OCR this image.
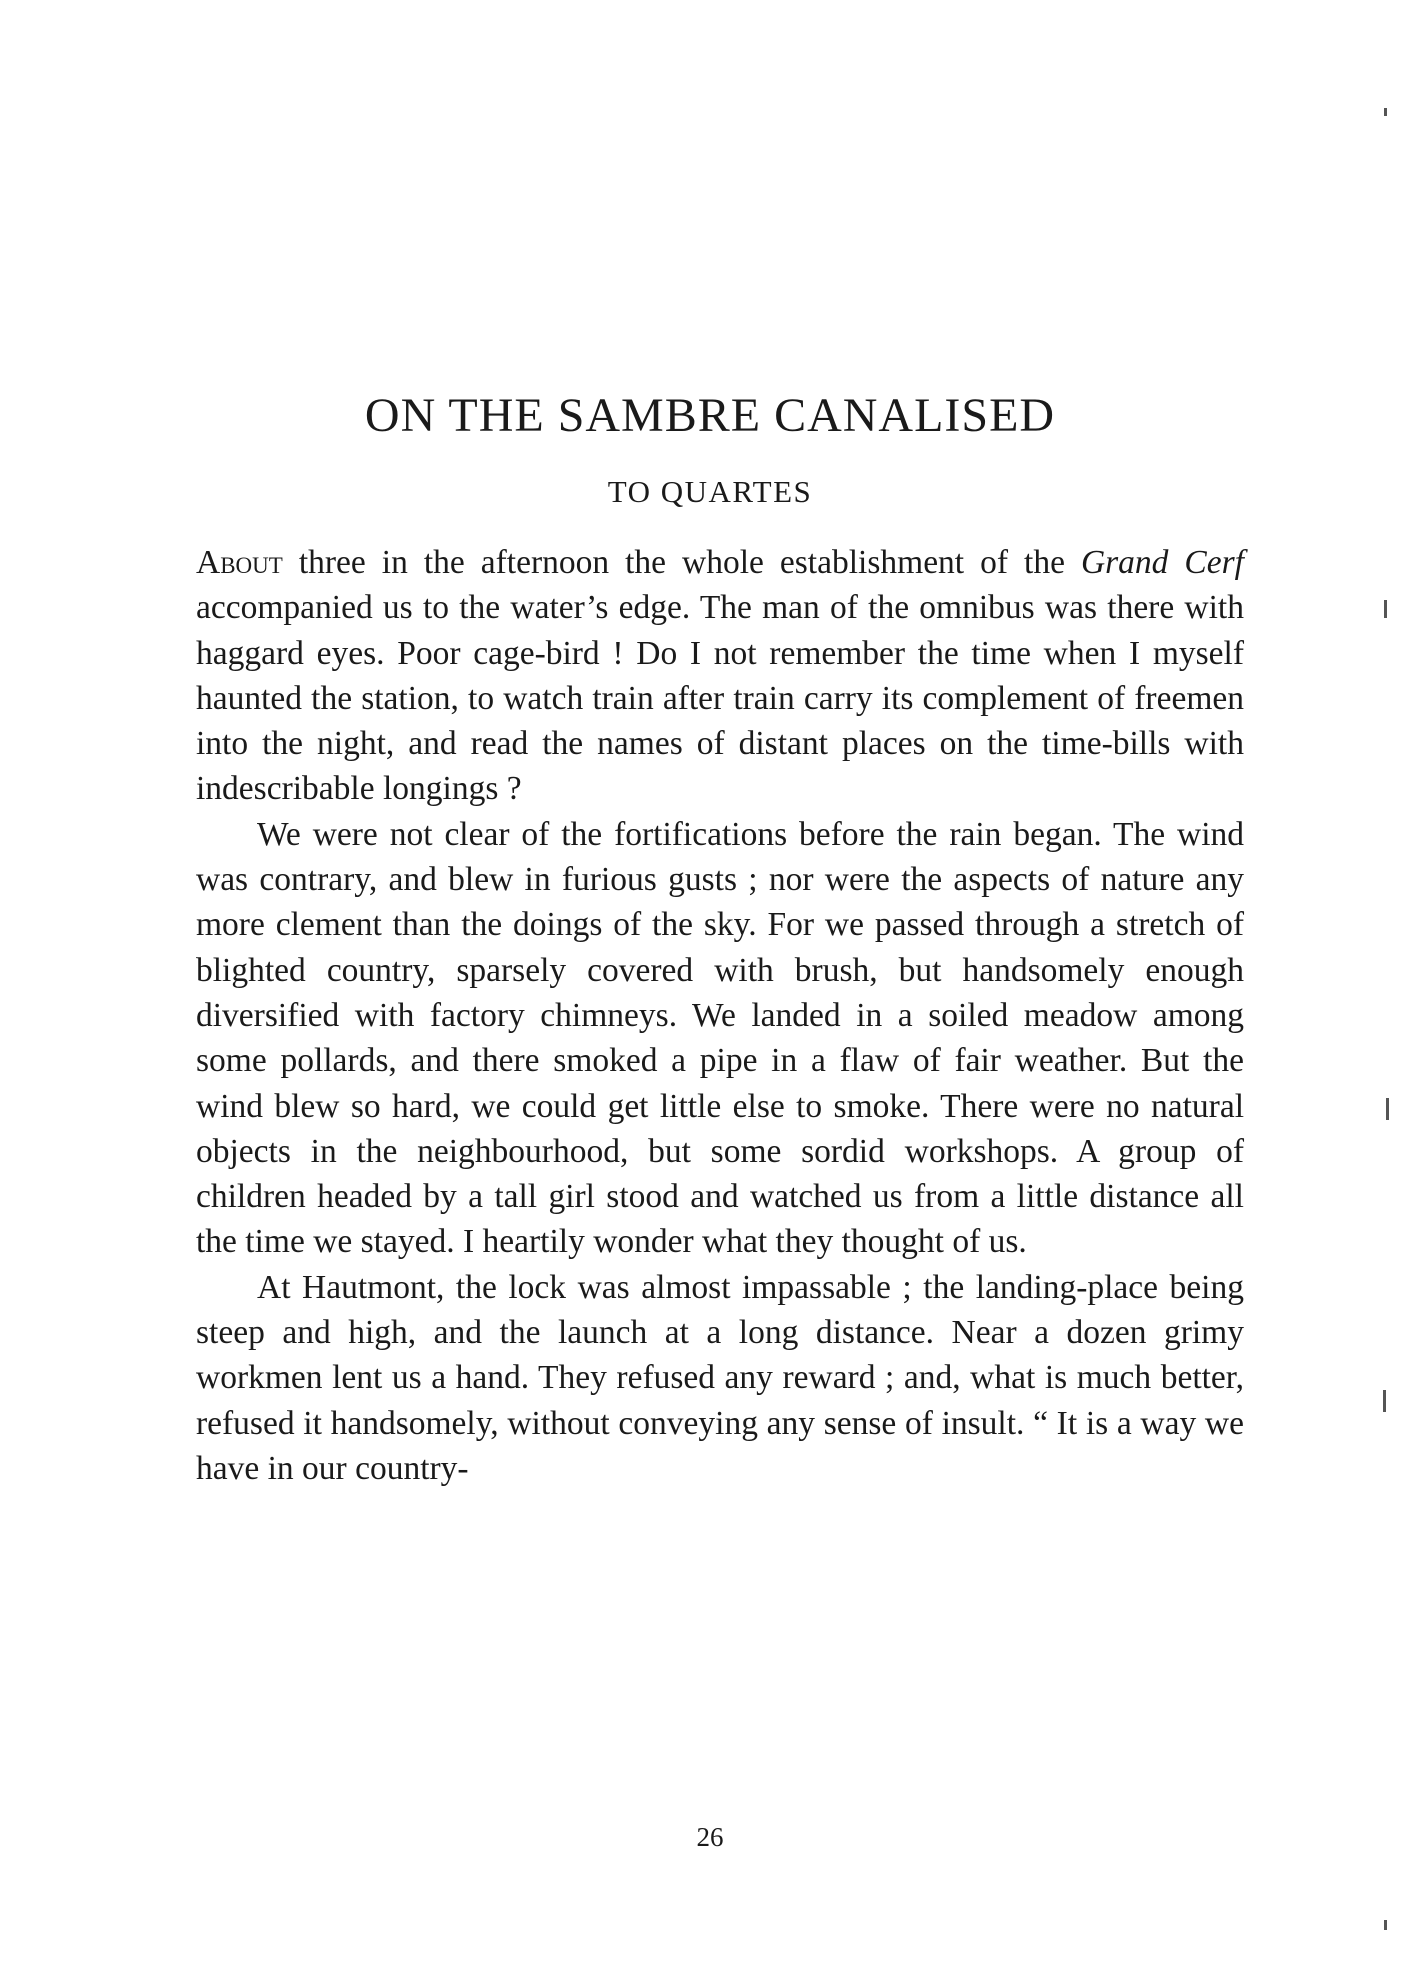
ON THE SAMBRE CANALISED
TO QUARTES

About three in the afternoon the whole establishment of the Grand Cerf accompanied us to the water’s edge. The man of the omnibus was there with haggard eyes. Poor cage-bird ! Do I not remember the time when I myself haunted the station, to watch train after train carry its complement of freemen into the night, and read the names of distant places on the time-bills with indescribable longings ?

We were not clear of the fortifications before the rain began. The wind was contrary, and blew in furious gusts ; nor were the aspects of nature any more clement than the doings of the sky. For we passed through a stretch of blighted country, sparsely covered with brush, but handsomely enough diversified with factory chimneys. We landed in a soiled meadow among some pollards, and there smoked a pipe in a flaw of fair weather. But the wind blew so hard, we could get little else to smoke. There were no natural objects in the neighbourhood, but some sordid workshops. A group of children headed by a tall girl stood and watched us from a little distance all the time we stayed. I heartily wonder what they thought of us.

At Hautmont, the lock was almost impassable ; the landing-place being steep and high, and the launch at a long distance. Near a dozen grimy workmen lent us a hand. They refused any reward ; and, what is much better, refused it handsomely, without conveying any sense of insult. “ It is a way we have in our country-

26
